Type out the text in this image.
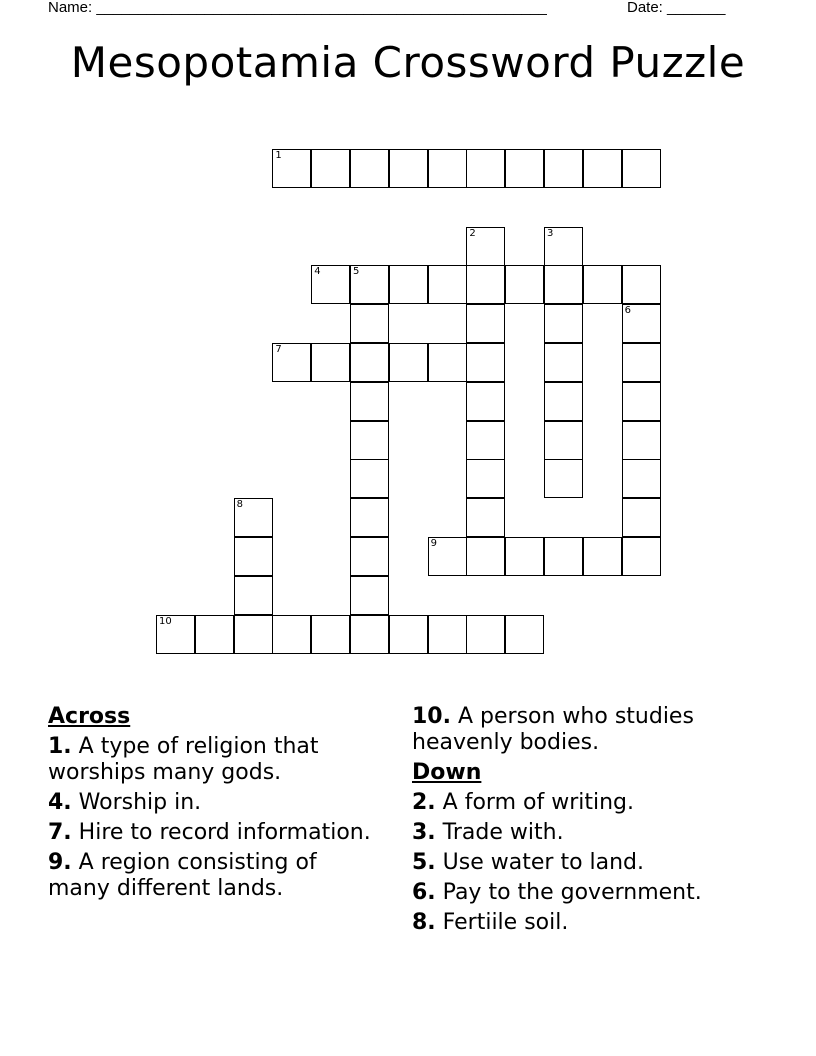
Name: ______________________________________________________	Date: _______
Mesopotamia Crossword Puzzle
1
2	3
4	5
6
7
8
9
10
Across
1. A type of religion that worships many gods.
4. Worship in.
7. Hire to record information.
9. A region consisting of many different lands.
10. A person who studies heavenly bodies.
Down
2. A form of writing.
3. Trade with.
5. Use water to land.
6. Pay to the government.
8. Fertiile soil.
